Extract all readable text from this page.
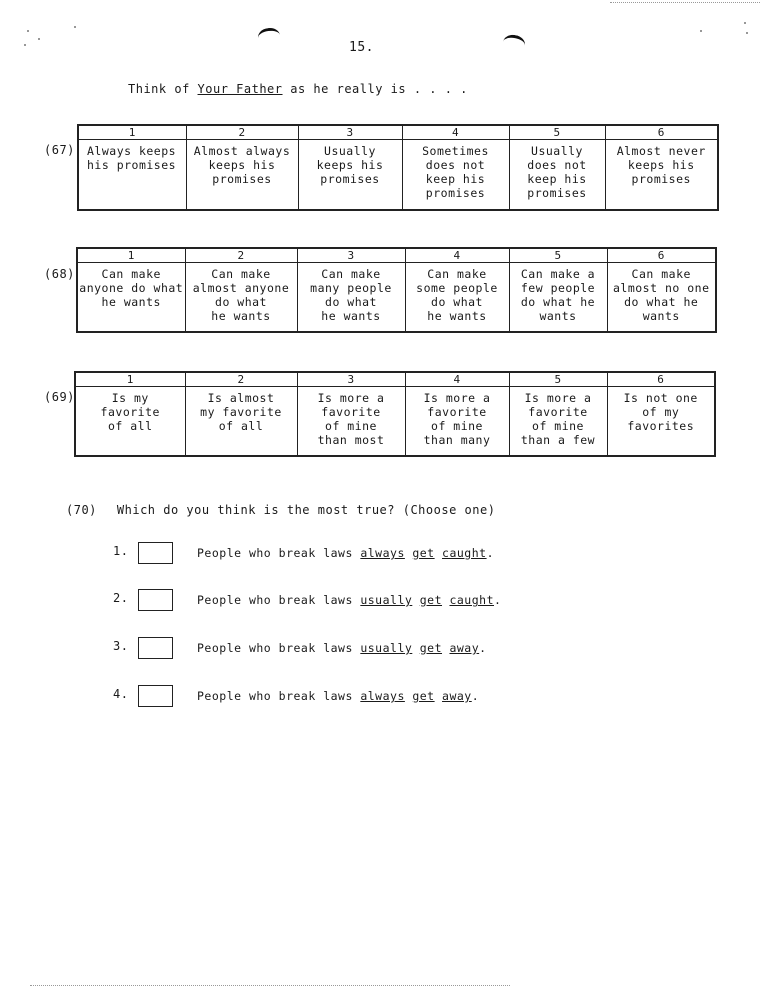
15.
Think of Your Father as he really is . . . .
(67)
1	2	3	4	5	6
Always keeps
his promises	Almost always
keeps his
promises	Usually
keeps his
promises	Sometimes
does not
keep his
promises	Usually
does not
keep his
promises	Almost never
keeps his
promises
(68)
1	2	3	4	5	6
Can make
anyone do what
he wants	Can make
almost anyone
do what
he wants	Can make
many people
do what
he wants	Can make
some people
do what
he wants	Can make a
few people
do what he
wants	Can make
almost no one
do what he
wants
(69)
1	2	3	4	5	6
Is my
favorite
of all	Is almost
my favorite
of all	Is more a
favorite
of mine
than most	Is more a
favorite
of mine
than many	Is more a
favorite
of mine
than a few	Is not one
of my
favorites
(70) Which do you think is the most true? (Choose one)
1.	People who break laws always get caught.
2.	People who break laws usually get caught.
3.	People who break laws usually get away.
4.	People who break laws always get away.
